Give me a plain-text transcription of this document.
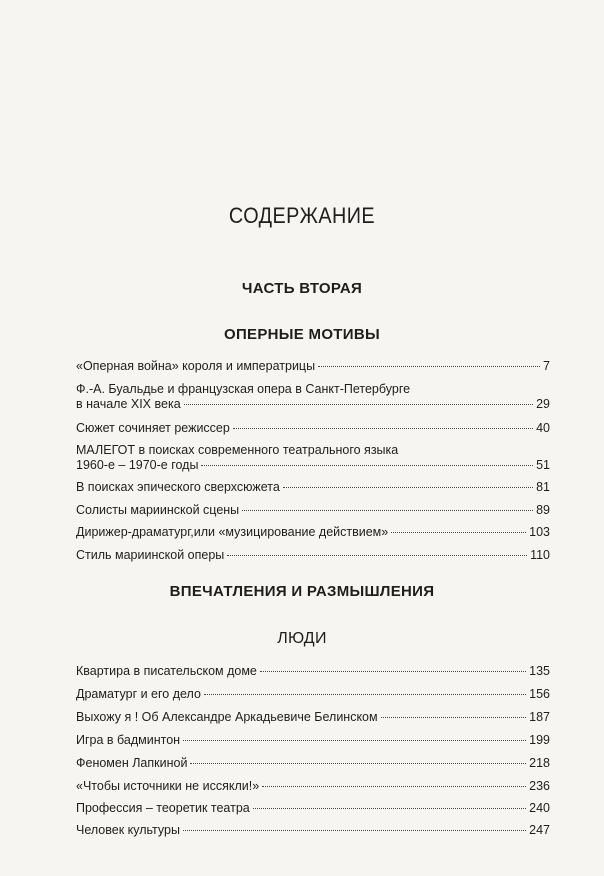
СОДЕРЖАНИЕ
ЧАСТЬ ВТОРАЯ
ОПЕРНЫЕ МОТИВЫ
«Оперная война» короля и императрицы	7
Ф.-А. Буальдье и французская опера в Санкт-Петербурге
в начале XIX века	29
Сюжет сочиняет режиссер	40
МАЛЕГОТ в поисках современного театрального языка
1960-е – 1970-е годы	51
В поисках эпического сверхсюжета	81
Солисты мариинской сцены	89
Дирижер-драматург,или «музицирование действием»	103
Стиль мариинской оперы	110
ВПЕЧАТЛЕНИЯ И РАЗМЫШЛЕНИЯ
ЛЮДИ
Квартира в писательском доме	135
Драматург и его дело	156
Выхожу я ! Об Александре Аркадьевиче Белинском	187
Игра в бадминтон	199
Феномен Лапкиной	218
«Чтобы источники не иссякли!»	236
Профессия – теоретик театра	240
Человек культуры	247
